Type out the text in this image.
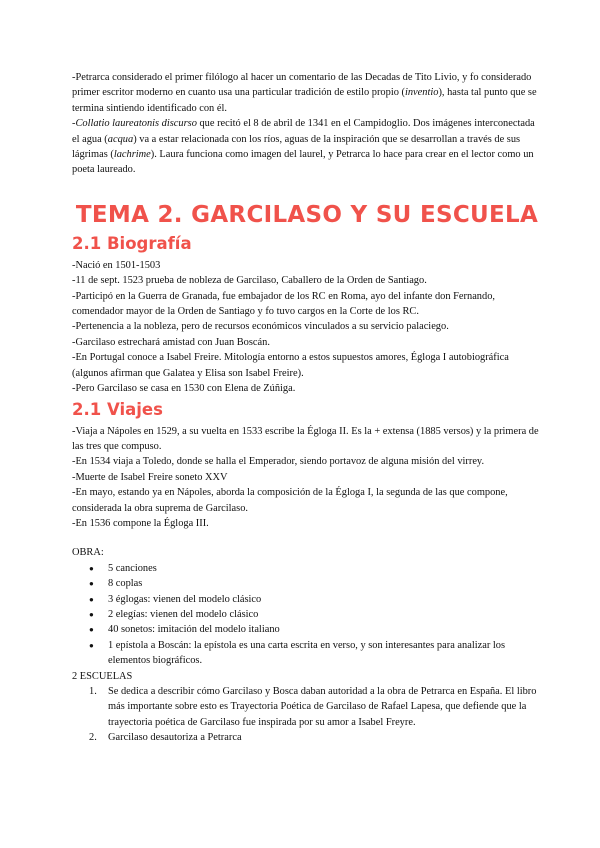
-Petrarca considerado el primer filólogo al hacer un comentario de las Decadas de Tito Livio, y fo considerado primer escritor moderno en cuanto usa una particular tradición de estilo propio (inventio), hasta tal punto que se termina sintiendo identificado con él.

-Collatio laureatonis discurso que recitó el 8 de abril de 1341 en el Campidoglio. Dos imágenes interconectada el agua (acqua) va a estar relacionada con los ríos, aguas de la inspiración que se desarrollan a través de sus lágrimas (lachrime). Laura funciona como imagen del laurel, y Petrarca lo hace para crear en el lector como un poeta laureado.

TEMA 2. GARCILASO Y SU ESCUELA
2.1 Biografía

-Nació en 1501-1503

-11 de sept. 1523 prueba de nobleza de Garcilaso, Caballero de la Orden de Santiago.

-Participó en la Guerra de Granada, fue embajador de los RC en Roma, ayo del infante don Fernando, comendador mayor de la Orden de Santiago y fo tuvo cargos en la Corte de los RC.

-Pertenencia a la nobleza, pero de recursos económicos vinculados a su servicio palaciego.

-Garcilaso estrechará amistad con Juan Boscán.

-En Portugal conoce a Isabel Freire. Mitología entorno a estos supuestos amores, Égloga I autobiográfica (algunos afirman que Galatea y Elisa son Isabel Freire).

-Pero Garcilaso se casa en 1530 con Elena de Zúñiga.

2.1 Viajes

-Viaja a Nápoles en 1529, a su vuelta en 1533 escribe la Égloga II. Es la + extensa (1885 versos) y la primera de las tres que compuso.

-En 1534 viaja a Toledo, donde se halla el Emperador, siendo portavoz de alguna misión del virrey.

-Muerte de Isabel Freire soneto XXV

-En mayo, estando ya en Nápoles, aborda la composición de la Égloga I, la segunda de las que compone, considerada la obra suprema de Garcilaso.

-En 1536 compone la Égloga III.

OBRA:

● 5 canciones
● 8 coplas
● 3 églogas: vienen del modelo clásico
● 2 elegías: vienen del modelo clásico
● 40 sonetos: imitación del modelo italiano
● 1 epístola a Boscán: la epístola es una carta escrita en verso, y son interesantes para analizar los elementos biográficos.

2 ESCUELAS

1. Se dedica a describir cómo Garcilaso y Bosca daban autoridad a la obra de Petrarca en España. El libro más importante sobre esto es Trayectoria Poética de Garcilaso de Rafael Lapesa, que defiende que la trayectoria poética de Garcilaso fue inspirada por su amor a Isabel Freyre.
2. Garcilaso desautoriza a Petrarca
